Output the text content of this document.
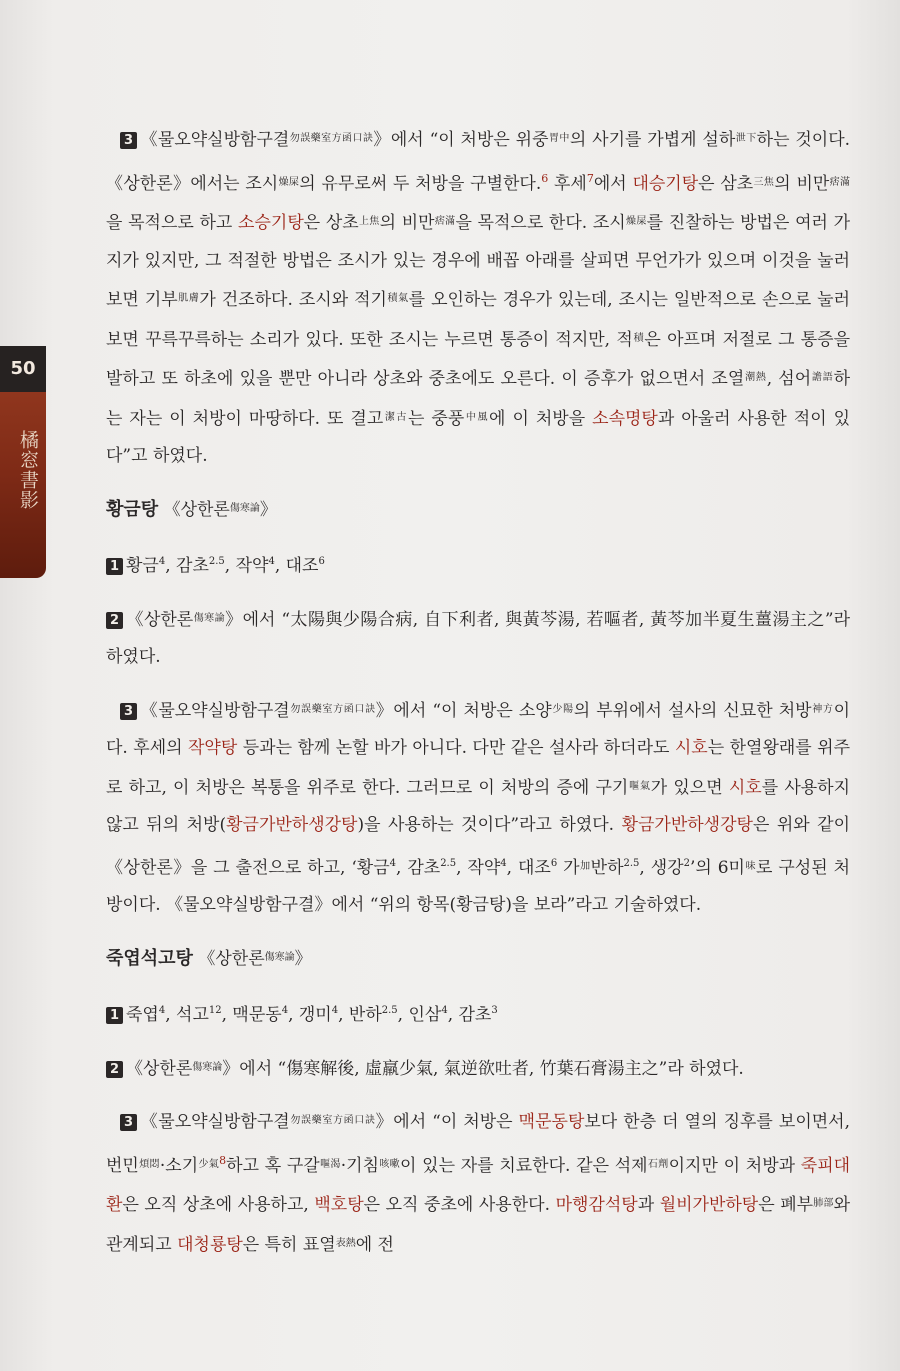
50
橘窓書影

3 《물오약실방함구결$^{勿誤藥室方函口訣}$》에서 “이 처방은 위중$^{胃中}$의 사기를 가볍게 설하$^{泄下}$하는 것이다. 《상한론》에서는 조시$^{燥屎}$의 유무로써 두 처방을 구별한다.$^6$ 후세$^7$에서 대승기탕은 삼초$^{三焦}$의 비만$^{痞滿}$을 목적으로 하고 소승기탕은 상초$^{上焦}$의 비만$^{痞滿}$을 목적으로 한다. 조시$^{燥屎}$를 진찰하는 방법은 여러 가지가 있지만, 그 적절한 방법은 조시가 있는 경우에 배꼽 아래를 살피면 무언가가 있으며 이것을 눌러보면 기부$^{肌膚}$가 건조하다. 조시와 적기$^{積氣}$를 오인하는 경우가 있는데, 조시는 일반적으로 손으로 눌러보면 꾸륵꾸륵하는 소리가 있다. 또한 조시는 누르면 통증이 적지만, 적$^積$은 아프며 저절로 그 통증을 발하고 또 하초에 있을 뿐만 아니라 상초와 중초에도 오른다. 이 증후가 없으면서 조열$^{潮熱}$, 섬어$^{譫語}$하는 자는 이 처방이 마땅하다. 또 결고$^{潔古}$는 중풍$^{中風}$에 이 처방을 소속명탕과 아울러 사용한 적이 있다”고 하였다.

황금탕 《상한론$^{傷寒論}$》

1 황금$^4$, 감초$^{2.5}$, 작약$^4$, 대조$^6$

2 《상한론$^{傷寒論}$》에서 “太陽與少陽合病, 自下利者, 與黃芩湯, 若嘔者, 黃芩加半夏生薑湯主之”라 하였다.

3 《물오약실방함구결$^{勿誤藥室方函口訣}$》에서 “이 처방은 소양$^{少陽}$의 부위에서 설사의 신묘한 처방$^{神方}$이다. 후세의 작약탕 등과는 함께 논할 바가 아니다. 다만 같은 설사라 하더라도 시호는 한열왕래를 위주로 하고, 이 처방은 복통을 위주로 한다. 그러므로 이 처방의 증에 구기$^{嘔氣}$가 있으면 시호를 사용하지 않고 뒤의 처방(황금가반하생강탕)을 사용하는 것이다”라고 하였다. 황금가반하생강탕은 위와 같이 《상한론》을 그 출전으로 하고, ‘황금$^4$, 감초$^{2.5}$, 작약$^4$, 대조$^6$ 가$^加$반하$^{2.5}$, 생강$^2$’의 6미$^味$로 구성된 처방이다. 《물오약실방함구결》에서 “위의 항목(황금탕)을 보라”라고 기술하였다.

죽엽석고탕 《상한론$^{傷寒論}$》

1 죽엽$^4$, 석고$^{12}$, 맥문동$^4$, 갱미$^4$, 반하$^{2.5}$, 인삼$^4$, 감초$^3$

2 《상한론$^{傷寒論}$》에서 “傷寒解後, 虛羸少氣, 氣逆欲吐者, 竹葉石膏湯主之”라 하였다.

3 《물오약실방함구결$^{勿誤藥室方函口訣}$》에서 “이 처방은 맥문동탕보다 한층 더 열의 징후를 보이면서, 번민$^{煩悶}$·소기$^{少氣8}$하고 혹 구갈$^{嘔渴}$·기침$^{咳嗽}$이 있는 자를 치료한다. 같은 석제$^{石劑}$이지만 이 처방과 죽피대환은 오직 상초에 사용하고, 백호탕은 오직 중초에 사용한다. 마행감석탕과 월비가반하탕은 폐부$^{肺部}$와 관계되고 대청룡탕은 특히 표열$^{表熱}$에 전
